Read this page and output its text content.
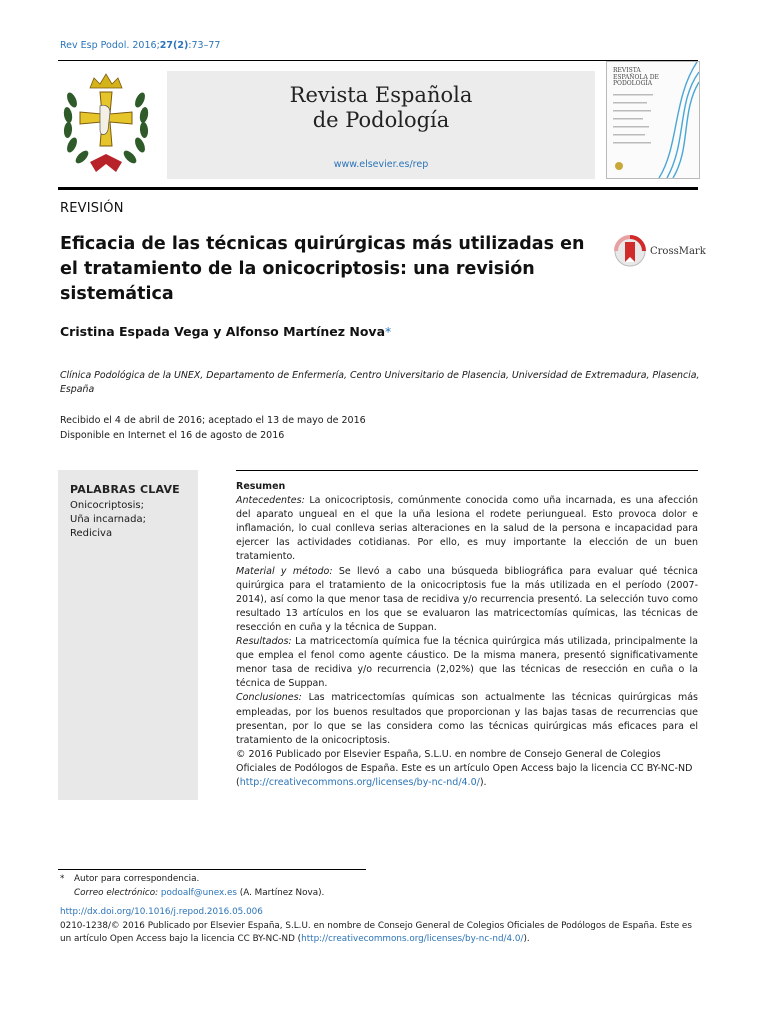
Rev Esp Podol. 2016;27(2):73–77
Revista Española
de Podología
www.elsevier.es/rep
REVISTA ESPAÑOLA DE PODOLOGÍA
REVISIÓN
Eficacia de las técnicas quirúrgicas más utilizadas en el tratamiento de la onicocriptosis: una revisión sistemática
CrossMark
Cristina Espada Vega y Alfonso Martínez Nova*
Clínica Podológica de la UNEX, Departamento de Enfermería, Centro Universitario de Plasencia, Universidad de Extremadura, Plasencia, España
Recibido el 4 de abril de 2016; aceptado el 13 de mayo de 2016
Disponible en Internet el 16 de agosto de 2016
PALABRAS CLAVE
Onicocriptosis;
Uña incarnada;
Rediciva

Resumen

Antecedentes: La onicocriptosis, comúnmente conocida como uña incarnada, es una afección del aparato ungueal en el que la uña lesiona el rodete periungueal. Esto provoca dolor e inflamación, lo cual conlleva serias alteraciones en la salud de la persona e incapacidad para ejercer las actividades cotidianas. Por ello, es muy importante la elección de un buen tratamiento.

Material y método: Se llevó a cabo una búsqueda bibliográfica para evaluar qué técnica quirúrgica para el tratamiento de la onicocriptosis fue la más utilizada en el período (2007-2014), así como la que menor tasa de recidiva y/o recurrencia presentó. La selección tuvo como resultado 13 artículos en los que se evaluaron las matricectomías químicas, las técnicas de resección en cuña y la técnica de Suppan.

Resultados: La matricectomía química fue la técnica quirúrgica más utilizada, principalmente la que emplea el fenol como agente cáustico. De la misma manera, presentó significativamente menor tasa de recidiva y/o recurrencia (2,02%) que las técnicas de resección en cuña o la técnica de Suppan.

Conclusiones: Las matricectomías químicas son actualmente las técnicas quirúrgicas más empleadas, por los buenos resultados que proporcionan y las bajas tasas de recurrencias que presentan, por lo que se las considera como las técnicas quirúrgicas más eficaces para el tratamiento de la onicocriptosis.

© 2016 Publicado por Elsevier España, S.L.U. en nombre de Consejo General de Colegios Oficiales de Podólogos de España. Este es un artículo Open Access bajo la licencia CC BY-NC-ND (http://creativecommons.org/licenses/by-nc-nd/4.0/).

*	Autor para correspondencia.
Correo electrónico: podoalf@unex.es (A. Martínez Nova).
http://dx.doi.org/10.1016/j.repod.2016.05.006
0210-1238/© 2016 Publicado por Elsevier España, S.L.U. en nombre de Consejo General de Colegios Oficiales de Podólogos de España. Este es un artículo Open Access bajo la licencia CC BY-NC-ND (http://creativecommons.org/licenses/by-nc-nd/4.0/).
